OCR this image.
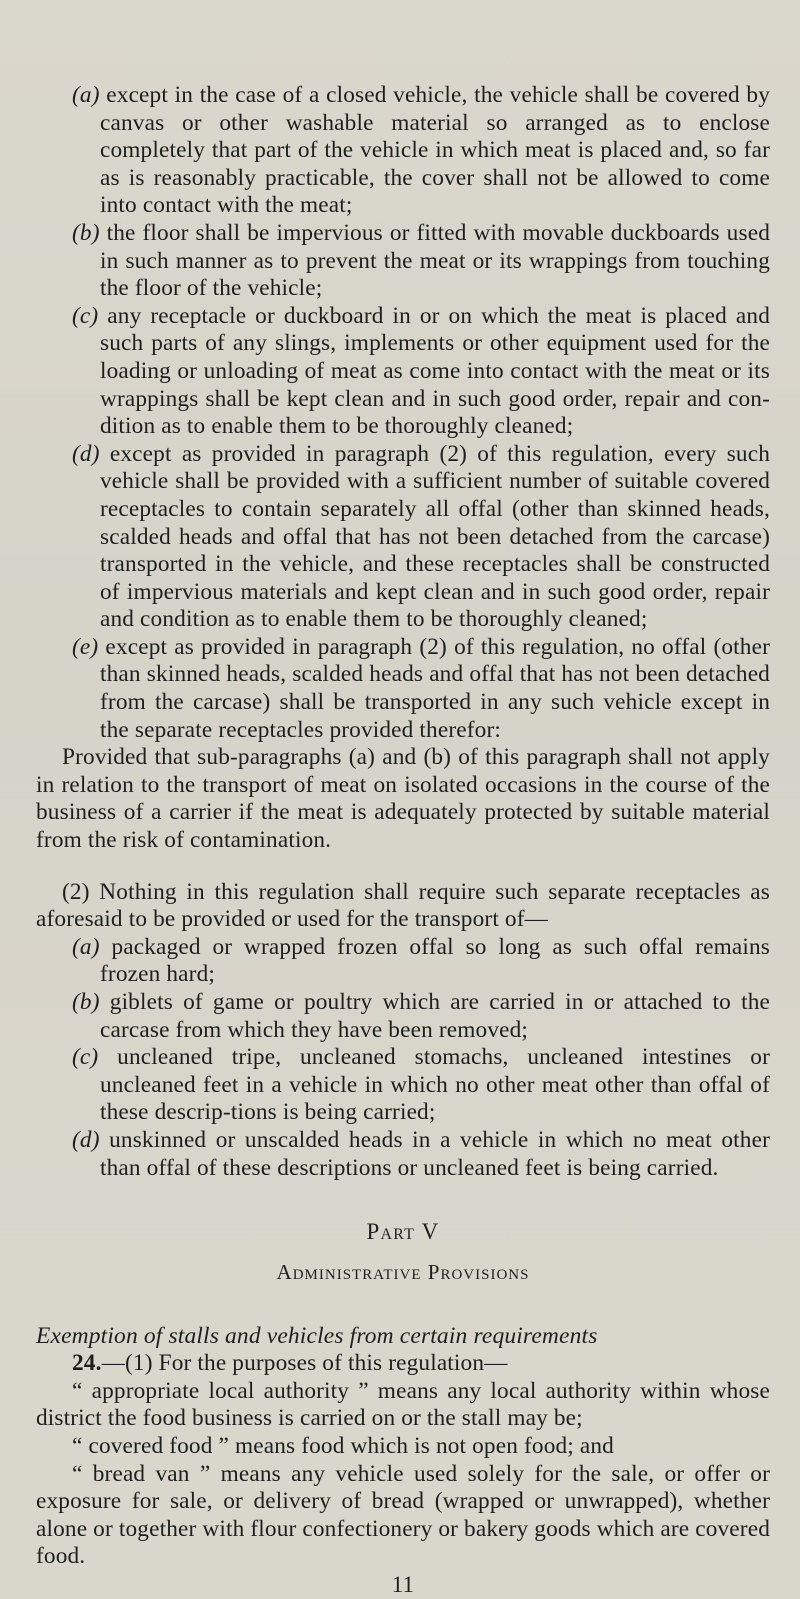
(a) except in the case of a closed vehicle, the vehicle shall be covered by canvas or other washable material so arranged as to enclose completely that part of the vehicle in which meat is placed and, so far as is reasonably practicable, the cover shall not be allowed to come into contact with the meat;

(b) the floor shall be impervious or fitted with movable duckboards used in such manner as to prevent the meat or its wrappings from touching the floor of the vehicle;

(c) any receptacle or duckboard in or on which the meat is placed and such parts of any slings, implements or other equipment used for the loading or unloading of meat as come into contact with the meat or its wrappings shall be kept clean and in such good order, repair and con-dition as to enable them to be thoroughly cleaned;

(d) except as provided in paragraph (2) of this regulation, every such vehicle shall be provided with a sufficient number of suitable covered receptacles to contain separately all offal (other than skinned heads, scalded heads and offal that has not been detached from the carcase) transported in the vehicle, and these receptacles shall be constructed of impervious materials and kept clean and in such good order, repair and condition as to enable them to be thoroughly cleaned;

(e) except as provided in paragraph (2) of this regulation, no offal (other than skinned heads, scalded heads and offal that has not been detached from the carcase) shall be transported in any such vehicle except in the separate receptacles provided therefor:

Provided that sub-paragraphs (a) and (b) of this paragraph shall not apply in relation to the transport of meat on isolated occasions in the course of the business of a carrier if the meat is adequately protected by suitable material from the risk of contamination.

(2) Nothing in this regulation shall require such separate receptacles as aforesaid to be provided or used for the transport of—

(a) packaged or wrapped frozen offal so long as such offal remains frozen hard;

(b) giblets of game or poultry which are carried in or attached to the carcase from which they have been removed;

(c) uncleaned tripe, uncleaned stomachs, uncleaned intestines or uncleaned feet in a vehicle in which no other meat other than offal of these descrip-tions is being carried;

(d) unskinned or unscalded heads in a vehicle in which no meat other than offal of these descriptions or uncleaned feet is being carried.

Part V

Administrative Provisions

Exemption of stalls and vehicles from certain requirements

24.—(1) For the purposes of this regulation—

“ appropriate local authority ” means any local authority within whose district the food business is carried on or the stall may be;

“ covered food ” means food which is not open food; and

“ bread van ” means any vehicle used solely for the sale, or offer or exposure for sale, or delivery of bread (wrapped or unwrapped), whether alone or together with flour confectionery or bakery goods which are covered food.

11
